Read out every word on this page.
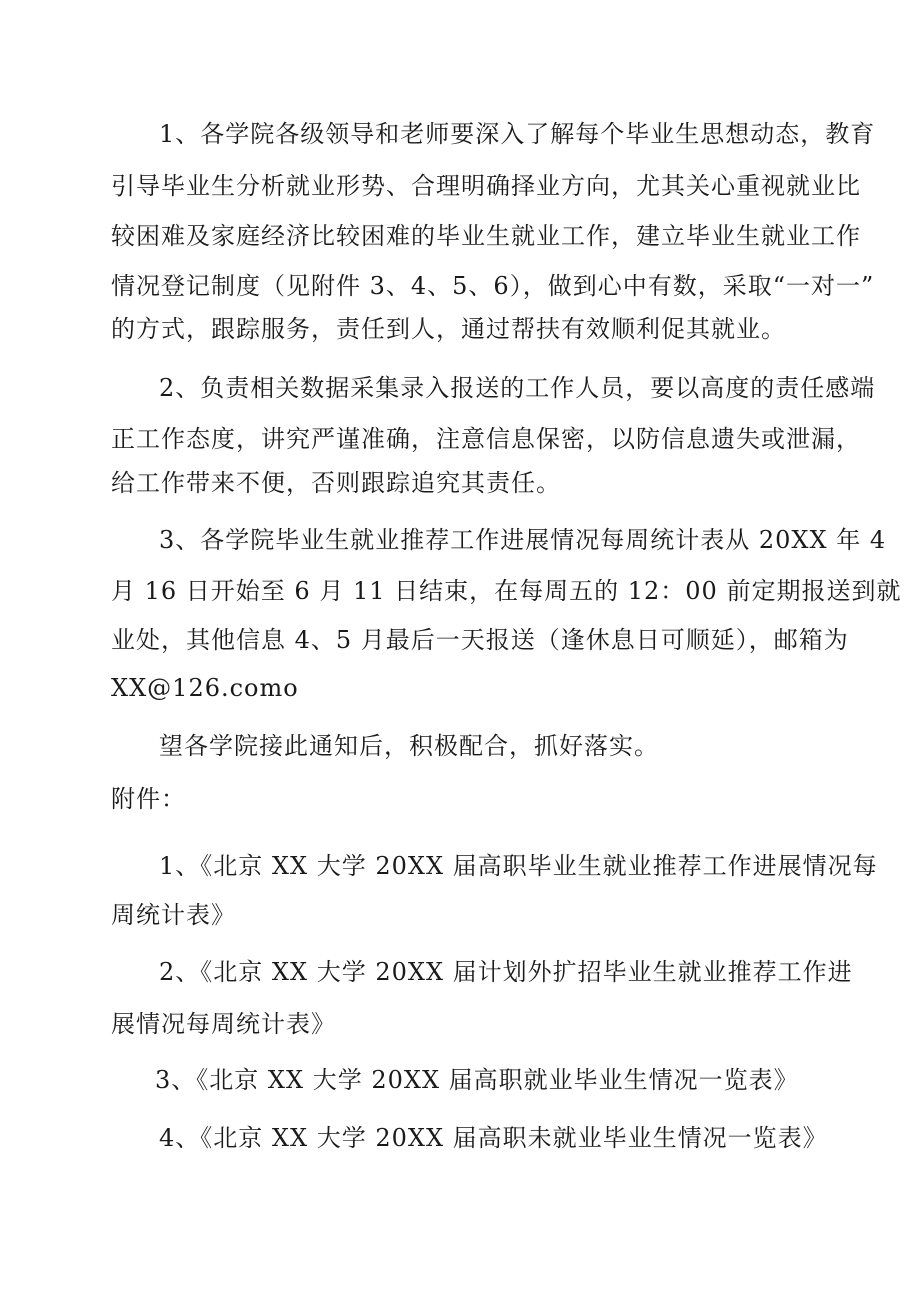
1、各学院各级领导和老师要深入了解每个毕业生思想动态，教育
引导毕业生分析就业形势、合理明确择业方向，尤其关心重视就业比
较困难及家庭经济比较困难的毕业生就业工作，建立毕业生就业工作
情况登记制度（见附件 3、4、5、6），做到心中有数，采取“一对一”
的方式，跟踪服务，责任到人，通过帮扶有效顺利促其就业。
2、负责相关数据采集录入报送的工作人员，要以高度的责任感端
正工作态度，讲究严谨准确，注意信息保密，以防信息遗失或泄漏，
给工作带来不便，否则跟踪追究其责任。
3、各学院毕业生就业推荐工作进展情况每周统计表从 20XX 年 4
月 16 日开始至 6 月 11 日结束，在每周五的 12：00 前定期报送到就
业处，其他信息 4、5 月最后一天报送（逢休息日可顺延），邮箱为
XX@126.como
望各学院接此通知后，积极配合，抓好落实。
附件：
1、《北京 XX 大学 20XX 届高职毕业生就业推荐工作进展情况每
周统计表》
2、《北京 XX 大学 20XX 届计划外扩招毕业生就业推荐工作进
展情况每周统计表》
3、《北京 XX 大学 20XX 届高职就业毕业生情况一览表》
4、《北京 XX 大学 20XX 届高职未就业毕业生情况一览表》
